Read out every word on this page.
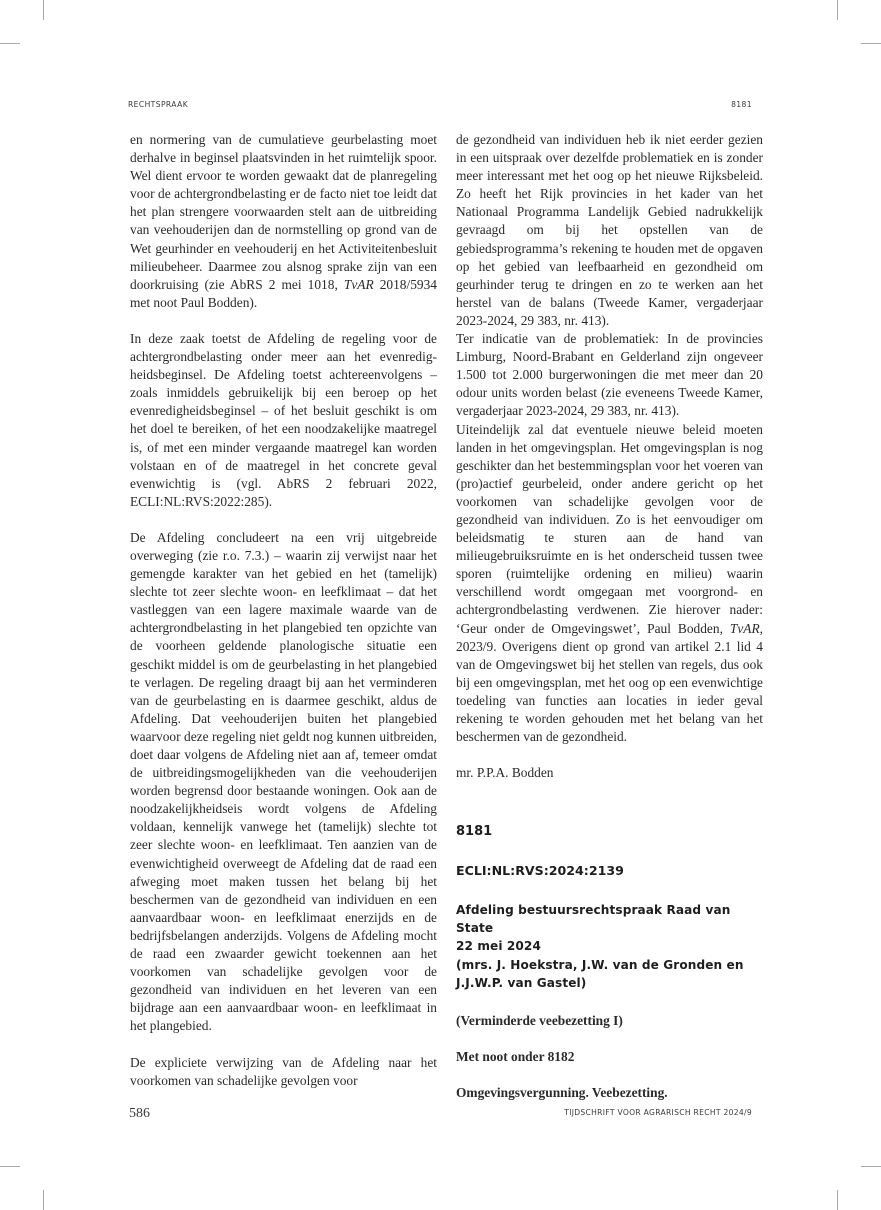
RECHTSPRAAK	8181

en normering van de cumulatieve geurbelasting moet derhalve in beginsel plaatsvinden in het ruimtelijk spoor. Wel dient ervoor te worden gewaakt dat de planregeling voor de achtergrondbelasting er de facto niet toe leidt dat het plan strengere voorwaarden stelt aan de uitbreiding van veehouderijen dan de normstelling op grond van de Wet geurhinder en veehouderij en het Activiteitenbesluit milieubeheer. Daarmee zou alsnog sprake zijn van een doorkruising (zie AbRS 2 mei 1018, TvAR 2018/5934 met noot Paul Bodden).

In deze zaak toetst de Afdeling de regeling voor de achtergrondbelasting onder meer aan het evenredigheidsbeginsel. De Afdeling toetst achtereenvolgens – zoals inmiddels gebruikelijk bij een beroep op het evenredigheidsbeginsel – of het besluit geschikt is om het doel te bereiken, of het een noodzakelijke maatregel is, of met een minder vergaande maatregel kan worden volstaan en of de maatregel in het concrete geval evenwichtig is (vgl. AbRS 2 februari 2022, ECLI:NL:RVS:2022:285).

De Afdeling concludeert na een vrij uitgebreide overweging (zie r.o. 7.3.) – waarin zij verwijst naar het gemengde karakter van het gebied en het (tamelijk) slechte tot zeer slechte woon- en leefklimaat – dat het vastleggen van een lagere maximale waarde van de achtergrondbelasting in het plangebied ten opzichte van de voorheen geldende planologische situatie een geschikt middel is om de geurbelasting in het plangebied te verlagen. De regeling draagt bij aan het verminderen van de geurbelasting en is daarmee geschikt, aldus de Afdeling. Dat veehouderijen buiten het plangebied waarvoor deze regeling niet geldt nog kunnen uitbreiden, doet daar volgens de Afdeling niet aan af, temeer omdat de uitbreidingsmogelijkheden van die veehouderijen worden begrensd door bestaande woningen. Ook aan de noodzakelijkheidseis wordt volgens de Afdeling voldaan, kennelijk vanwege het (tamelijk) slechte tot zeer slechte woon- en leefklimaat. Ten aanzien van de evenwichtigheid overweegt de Afdeling dat de raad een afweging moet maken tussen het belang bij het beschermen van de gezondheid van individuen en een aanvaardbaar woon- en leefklimaat enerzijds en de bedrijfsbelangen anderzijds. Volgens de Afdeling mocht de raad een zwaarder gewicht toekennen aan het voorkomen van schadelijke gevolgen voor de gezondheid van individuen en het leveren van een bijdrage aan een aanvaardbaar woon- en leefklimaat in het plangebied.

De expliciete verwijzing van de Afdeling naar het voorkomen van schadelijke gevolgen voor

de gezondheid van individuen heb ik niet eerder gezien in een uitspraak over dezelfde problematiek en is zonder meer interessant met het oog op het nieuwe Rijksbeleid. Zo heeft het Rijk provincies in het kader van het Nationaal Programma Landelijk Gebied nadrukkelijk gevraagd om bij het opstellen van de gebiedsprogramma’s rekening te houden met de opgaven op het gebied van leefbaarheid en gezondheid om geurhinder terug te dringen en zo te werken aan het herstel van de balans (Tweede Kamer, vergaderjaar 2023-2024, 29 383, nr. 413).

Ter indicatie van de problematiek: In de provincies Limburg, Noord-Brabant en Gelderland zijn ongeveer 1.500 tot 2.000 burgerwoningen die met meer dan 20 odour units worden belast (zie eveneens Tweede Kamer, vergaderjaar 2023-2024, 29 383, nr. 413).

Uiteindelijk zal dat eventuele nieuwe beleid moeten landen in het omgevingsplan. Het omgevingsplan is nog geschikter dan het bestemmingsplan voor het voeren van (pro)actief geurbeleid, onder andere gericht op het voorkomen van schadelijke gevolgen voor de gezondheid van individuen. Zo is het eenvoudiger om beleidsmatig te sturen aan de hand van milieugebruiksruimte en is het onderscheid tussen twee sporen (ruimtelijke ordening en milieu) waarin verschillend wordt omgegaan met voorgrond- en achtergrondbelasting verdwenen. Zie hierover nader: ‘Geur onder de Omgevingswet’, Paul Bodden, TvAR, 2023/9. Overigens dient op grond van artikel 2.1 lid 4 van de Omgevingswet bij het stellen van regels, dus ook bij een omgevingsplan, met het oog op een evenwichtige toedeling van functies aan locaties in ieder geval rekening te worden gehouden met het belang van het beschermen van de gezondheid.

mr. P.P.A. Bodden

8181
ECLI:NL:RVS:2024:2139
Afdeling bestuursrechtspraak Raad van State
22 mei 2024
(mrs. J. Hoekstra, J.W. van de Gronden en J.J.W.P. van Gastel)

(Verminderde veebezetting I)

Met noot onder 8182

Omgevingsvergunning. Veebezetting.

586	TIJDSCHRIFT VOOR AGRARISCH RECHT 2024/9
